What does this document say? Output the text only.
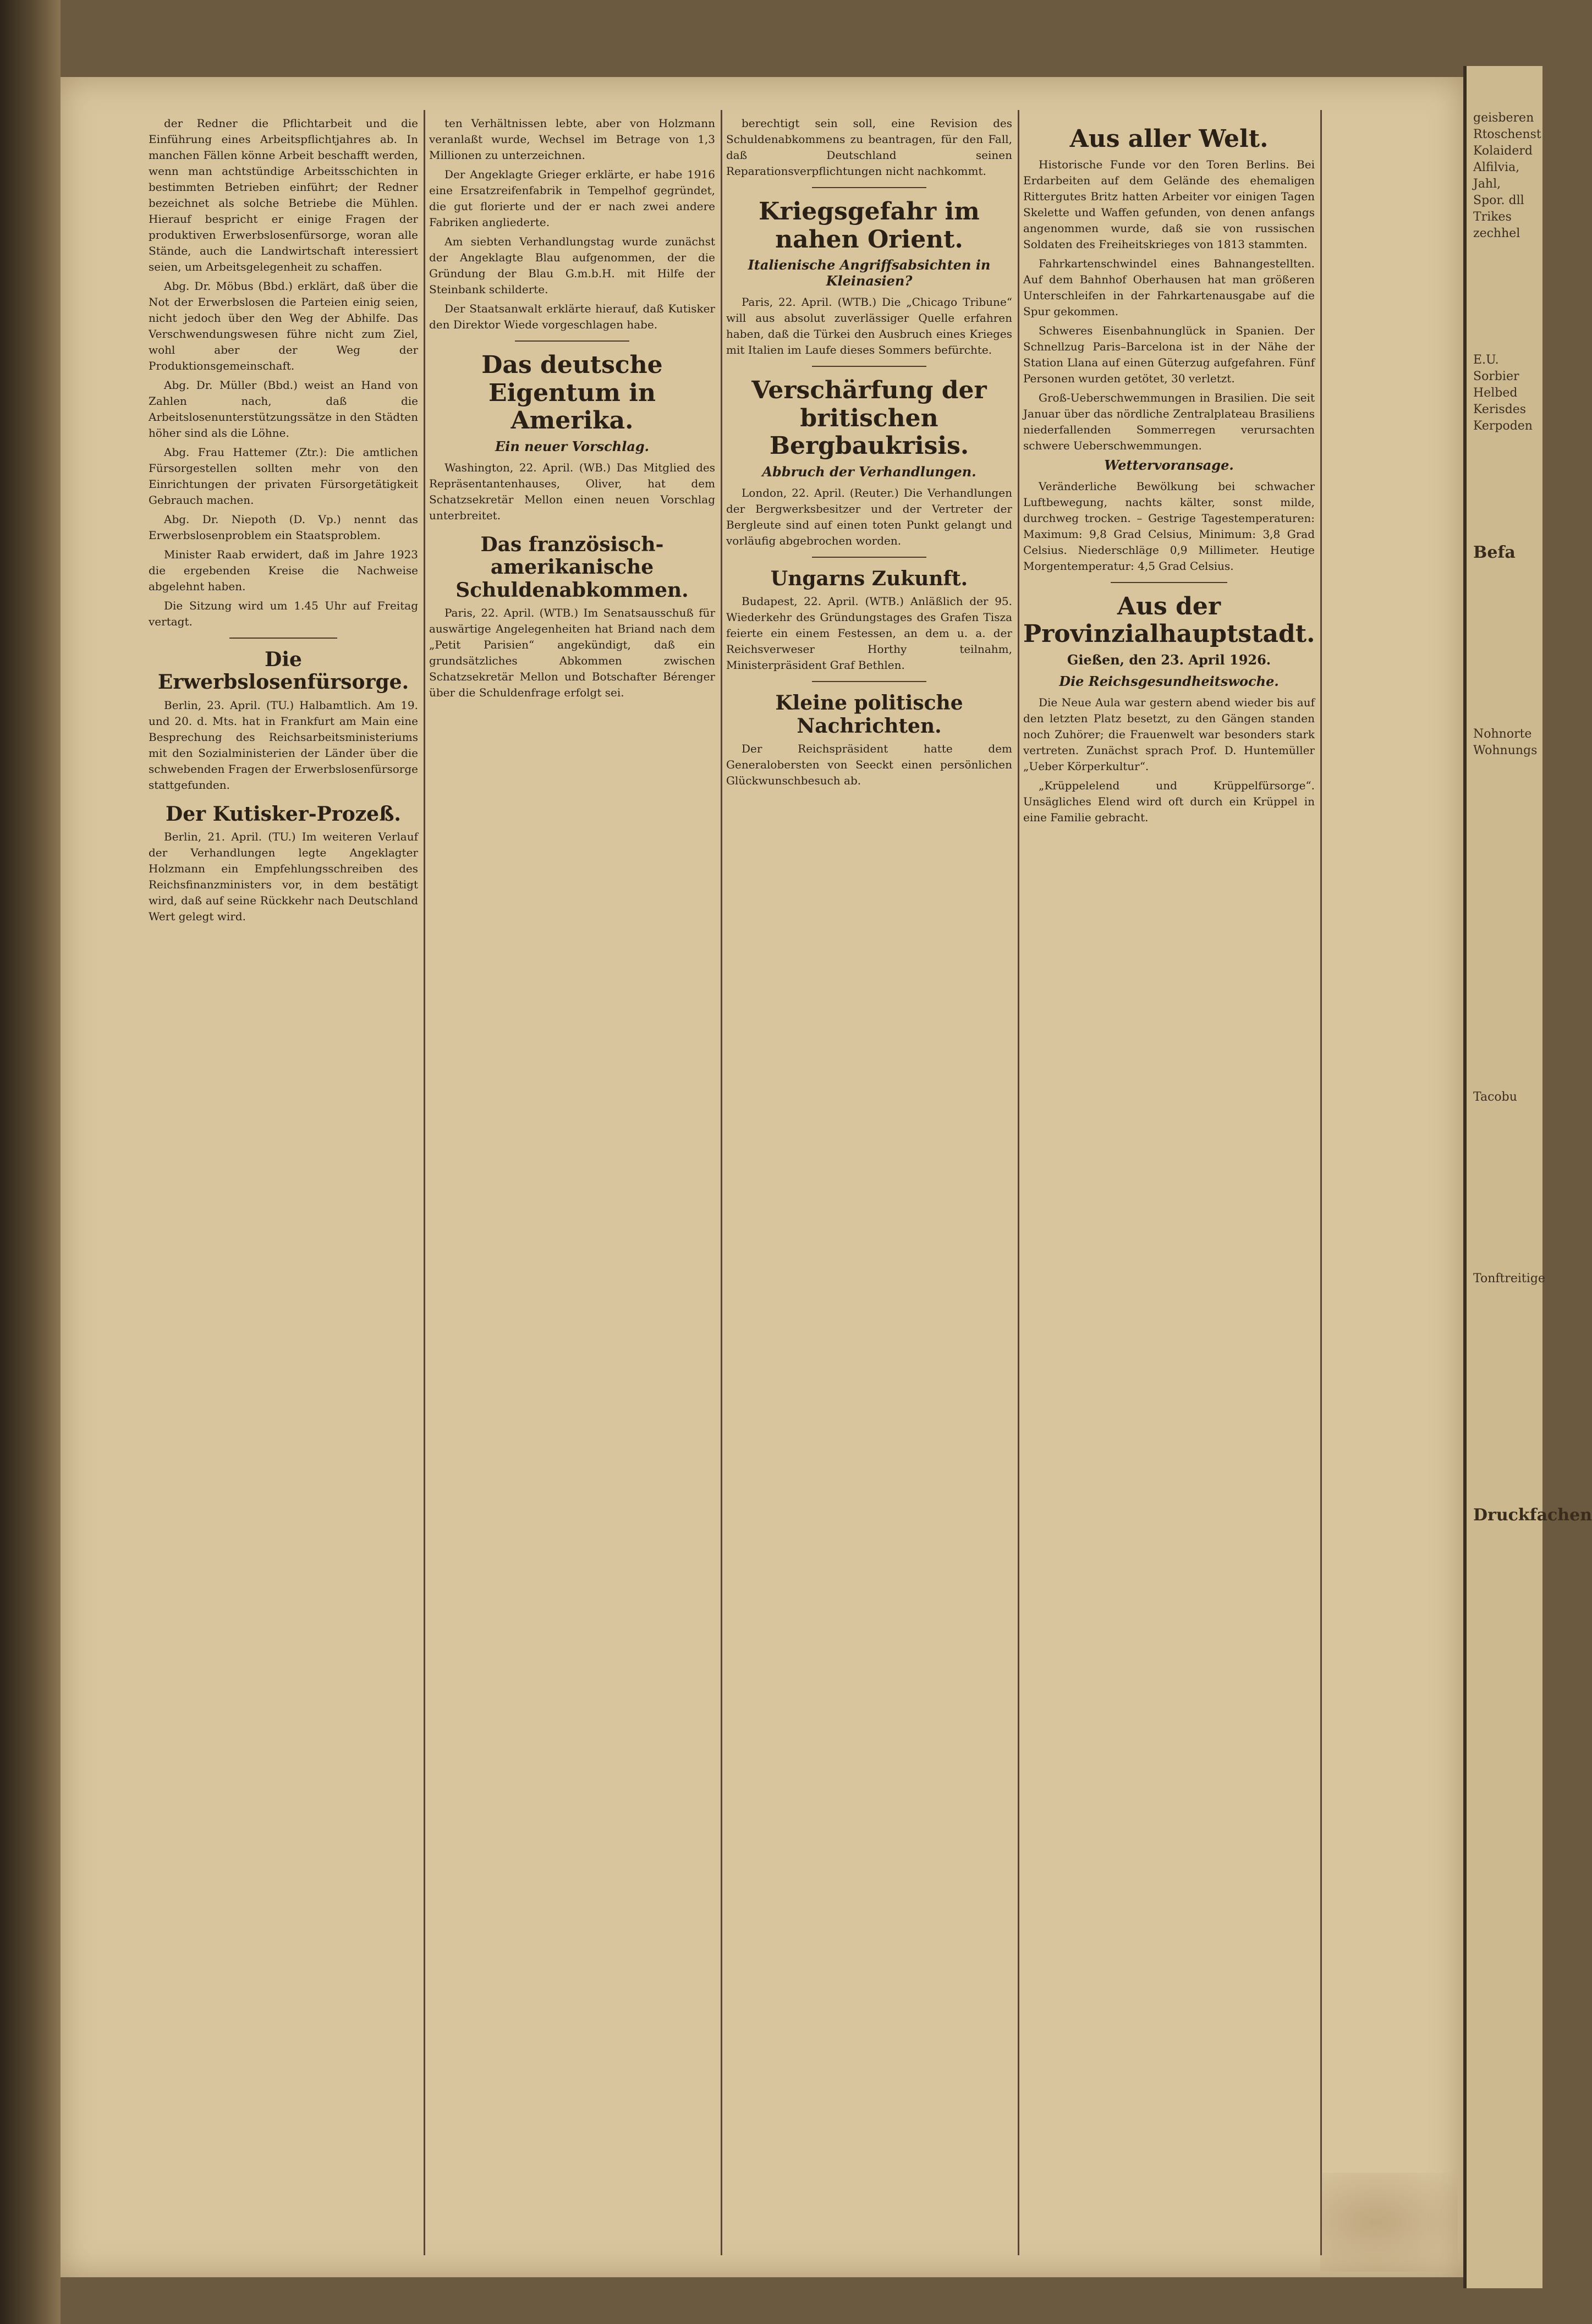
der Redner die Pflichtarbeit und die Einführung eines Arbeitspflichtjahres ab. In manchen Fällen könne Arbeit beschafft werden, wenn man achtstündige Arbeitsschichten in bestimmten Betrieben einführt; der Redner bezeichnet als solche Betriebe die Mühlen. Hierauf bespricht er einige Fragen der produktiven Erwerbslosenfürsorge, woran alle Stände, auch die Landwirtschaft interessiert seien, um Arbeitsgelegenheit zu schaffen.

Abg. Dr. Möbus (Bbd.) erklärt, daß über die Not der Erwerbslosen die Parteien einig seien, nicht jedoch über den Weg der Abhilfe. Das Verschwendungswesen führe nicht zum Ziel, wohl aber der Weg der Produktionsgemeinschaft.

Abg. Dr. Müller (Bbd.) weist an Hand von Zahlen nach, daß die Arbeitslosenunterstützungssätze in den Städten höher sind als die Löhne.

Abg. Frau Hattemer (Ztr.): Die amtlichen Fürsorgestellen sollten mehr von den Einrichtungen der privaten Fürsorgetätigkeit Gebrauch machen.

Abg. Dr. Niepoth (D. Vp.) nennt das Erwerbslosenproblem ein Staatsproblem.

Minister Raab erwidert, daß im Jahre 1923 die ergebenden Kreise die Nachweise abgelehnt haben.

Die Sitzung wird um 1.45 Uhr auf Freitag vertagt.

Die Erwerbslosenfürsorge.

Berlin, 23. April. (TU.) Halbamtlich. Am 19. und 20. d. Mts. hat in Frankfurt am Main eine Besprechung des Reichsarbeitsministeriums mit den Sozialministerien der Länder über die schwebenden Fragen der Erwerbslosenfürsorge stattgefunden.

Der Kutisker-Prozeß.

Berlin, 21. April. (TU.) Im weiteren Verlauf der Verhandlungen legte Angeklagter Holzmann ein Empfehlungsschreiben des Reichsfinanzministers vor, in dem bestätigt wird, daß auf seine Rückkehr nach Deutschland Wert gelegt wird.

ten Verhältnissen lebte, aber von Holzmann veranlaßt wurde, Wechsel im Betrage von 1,3 Millionen zu unterzeichnen.

Der Angeklagte Grieger erklärte, er habe 1916 eine Ersatzreifenfabrik in Tempelhof gegründet, die gut florierte und der er nach zwei andere Fabriken angliederte.

Am siebten Verhandlungstag wurde zunächst der Angeklagte Blau aufgenommen, der die Gründung der Blau G.m.b.H. mit Hilfe der Steinbank schilderte.

Der Staatsanwalt erklärte hierauf, daß Kutisker den Direktor Wiede vorgeschlagen habe.

Das deutsche Eigentum in Amerika.
Ein neuer Vorschlag.

Washington, 22. April. (WB.) Das Mitglied des Repräsentantenhauses, Oliver, hat dem Schatzsekretär Mellon einen neuen Vorschlag unterbreitet.

Das französisch-amerikanische Schuldenabkommen.

Paris, 22. April. (WTB.) Im Senatsausschuß für auswärtige Angelegenheiten hat Briand nach dem „Petit Parisien“ angekündigt, daß ein grundsätzliches Abkommen zwischen Schatzsekretär Mellon und Botschafter Bérenger über die Schuldenfrage erfolgt sei.

berechtigt sein soll, eine Revision des Schuldenabkommens zu beantragen, für den Fall, daß Deutschland seinen Reparationsverpflichtungen nicht nachkommt.

Kriegsgefahr im nahen Orient.
Italienische Angriffsabsichten in Kleinasien?

Paris, 22. April. (WTB.) Die „Chicago Tribune“ will aus absolut zuverlässiger Quelle erfahren haben, daß die Türkei den Ausbruch eines Krieges mit Italien im Laufe dieses Sommers befürchte.

Verschärfung der britischen Bergbaukrisis.
Abbruch der Verhandlungen.

London, 22. April. (Reuter.) Die Verhandlungen der Bergwerksbesitzer und der Vertreter der Bergleute sind auf einen toten Punkt gelangt und vorläufig abgebrochen worden.

Ungarns Zukunft.

Budapest, 22. April. (WTB.) Anläßlich der 95. Wiederkehr des Gründungstages des Grafen Tisza feierte ein einem Festessen, an dem u. a. der Reichsverweser Horthy teilnahm, Ministerpräsident Graf Bethlen.

Kleine politische Nachrichten.

Der Reichspräsident hatte dem Generalobersten von Seeckt einen persönlichen Glückwunschbesuch ab.

Aus aller Welt.

Historische Funde vor den Toren Berlins. Bei Erdarbeiten auf dem Gelände des ehemaligen Rittergutes Britz hatten Arbeiter vor einigen Tagen Skelette und Waffen gefunden, von denen anfangs angenommen wurde, daß sie von russischen Soldaten des Freiheitskrieges von 1813 stammten.

Fahrkartenschwindel eines Bahnangestellten. Auf dem Bahnhof Oberhausen hat man größeren Unterschleifen in der Fahrkartenausgabe auf die Spur gekommen.

Schweres Eisenbahnunglück in Spanien. Der Schnellzug Paris–Barcelona ist in der Nähe der Station Llana auf einen Güterzug aufgefahren. Fünf Personen wurden getötet, 30 verletzt.

Groß-Ueberschwemmungen in Brasilien. Die seit Januar über das nördliche Zentralplateau Brasiliens niederfallenden Sommerregen verursachten schwere Ueberschwemmungen.

Wettervoransage.

Veränderliche Bewölkung bei schwacher Luftbewegung, nachts kälter, sonst milde, durchweg trocken. – Gestrige Tagestemperaturen: Maximum: 9,8 Grad Celsius, Minimum: 3,8 Grad Celsius. Niederschläge 0,9 Millimeter. Heutige Morgentemperatur: 4,5 Grad Celsius.

Aus der Provinzialhauptstadt.
Gießen, den 23. April 1926.
Die Reichsgesundheitswoche.

Die Neue Aula war gestern abend wieder bis auf den letzten Platz besetzt, zu den Gängen standen noch Zuhörer; die Frauenwelt war besonders stark vertreten. Zunächst sprach Prof. D. Huntemüller „Ueber Körperkultur“.

„Krüppelelend und Krüppelfürsorge“. Unsägliches Elend wird oft durch ein Krüppel in eine Familie gebracht.

geisberen
Rtoschenst
Kolaiderd
Alfilvia,
Jahl,
Spor. dll
Trikes
zechhel
E.U.
Sorbier
Helbed
Kerisdes
Kerpoden
Befa
Nohnorte
Wohnungs
Tacobu
Tonftreitige
Druckfachen
